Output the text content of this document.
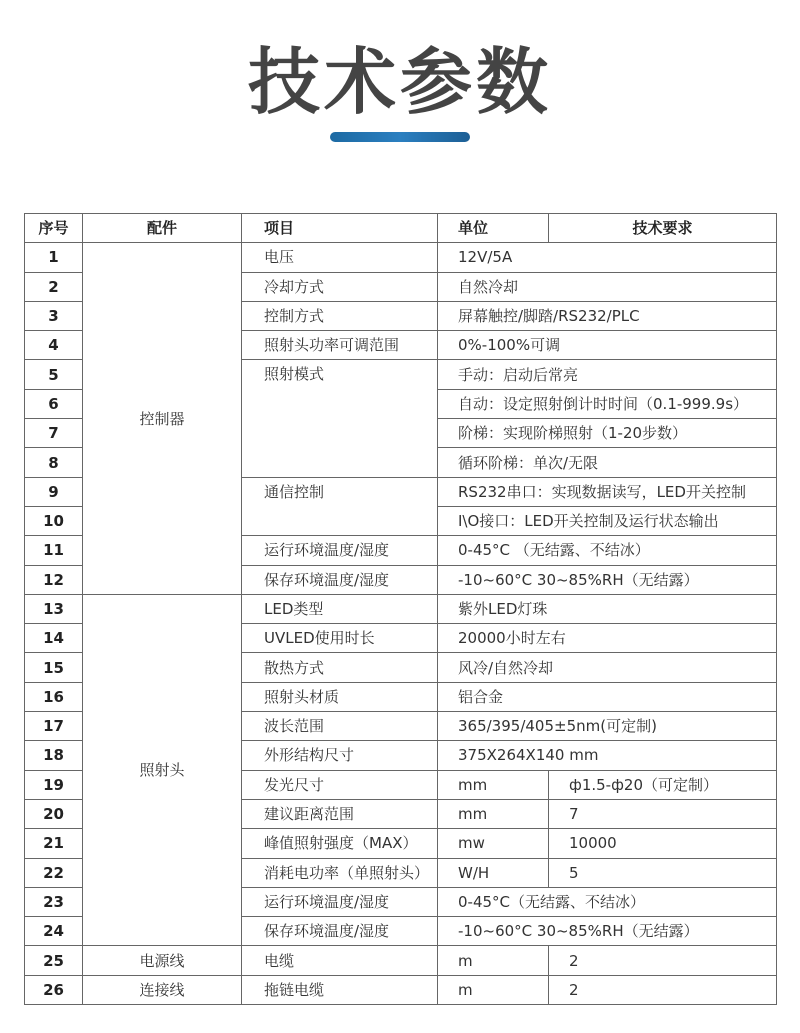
技术参数
序号	配件	项目	单位	技术要求
1	控制器	电压	12V/5A	
2		冷却方式	自然冷却	
3		控制方式	屏幕触控/脚踏/RS232/PLC	
4		照射头功率可调范围	0%-100%可调	
5		照射模式	手动：启动后常亮	
6			自动：设定照射倒计时时间（0.1-999.9s）	
7			阶梯：实现阶梯照射（1-20步数）	
8			循环阶梯：单次/无限	
9		通信控制	RS232串口：实现数据读写，LED开关控制	
10			I\O接口：LED开关控制及运行状态输出	
11		运行环境温度/湿度	0-45°C （无结露、不结冰）	
12		保存环境温度/湿度	-10~60°C 30~85%RH（无结露）	
13	照射头	LED类型	紫外LED灯珠	
14		UVLED使用时长	20000小时左右	
15		散热方式	风冷/自然冷却	
16		照射头材质	铝合金	
17		波长范围	365/395/405±5nm(可定制)	
18		外形结构尺寸	375X264X140 mm	
19		发光尺寸	mm	ф1.5-ф20（可定制）
20		建议距离范围	mm	7
21		峰值照射强度（MAX）	mw	10000
22		消耗电功率（单照射头）	W/H	5
23		运行环境温度/湿度	0-45°C（无结露、不结冰）	
24		保存环境温度/湿度	-10~60°C 30~85%RH（无结露）	
25	电源线	电缆	m	2
26	连接线	拖链电缆	m	2
